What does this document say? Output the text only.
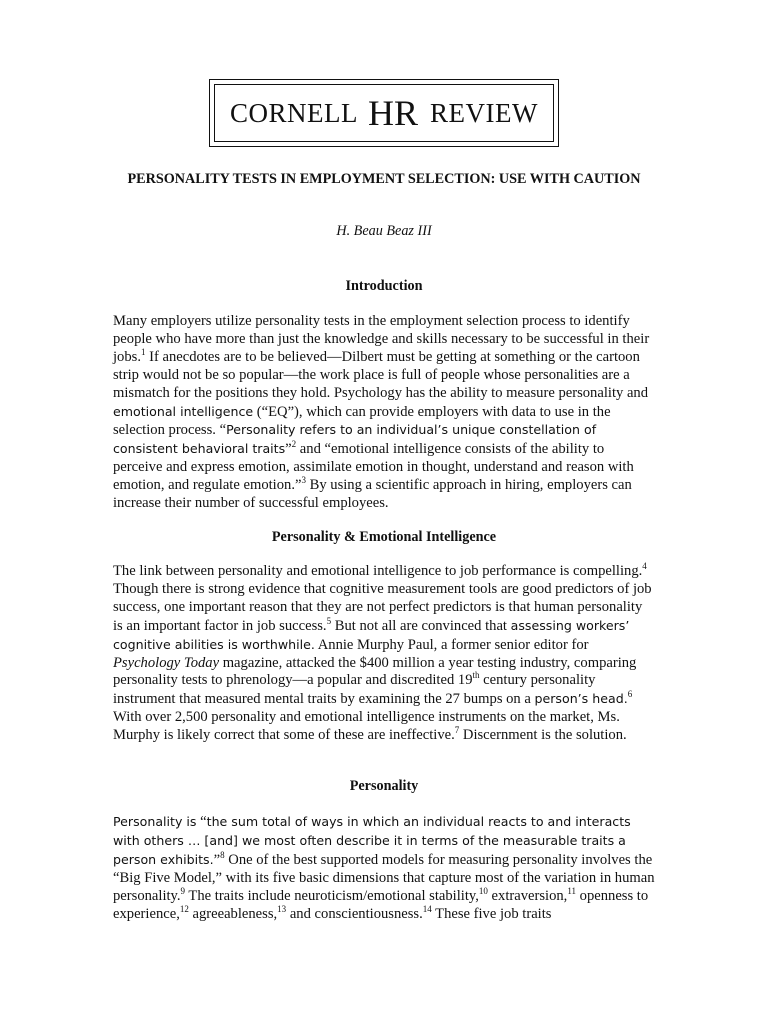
CORNELL HR REVIEW
PERSONALITY TESTS IN EMPLOYMENT SELECTION: USE WITH CAUTION
H. Beau Beaz III
Introduction
Many employers utilize personality tests in the employment selection process to identify people who have more than just the knowledge and skills necessary to be successful in their jobs.$^1$ If anecdotes are to be believed—Dilbert must be getting at something or the cartoon strip would not be so popular—the work place is full of people whose personalities are a mismatch for the positions they hold. Psychology has the ability to measure personality and emotional intelligence (“EQ”), which can provide employers with data to use in the selection process. “Personality refers to an individual’s unique constellation of consistent behavioral traits”$^2$ and “emotional intelligence consists of the ability to perceive and express emotion, assimilate emotion in thought, understand and reason with emotion, and regulate emotion.”$^3$ By using a scientific approach in hiring, employers can increase their number of successful employees.
Personality & Emotional Intelligence
The link between personality and emotional intelligence to job performance is compelling.$^4$ Though there is strong evidence that cognitive measurement tools are good predictors of job success, one important reason that they are not perfect predictors is that human personality is an important factor in job success.$^5$ But not all are convinced that assessing workers’ cognitive abilities is worthwhile. Annie Murphy Paul, a former senior editor for Psychology Today magazine, attacked the $400 million a year testing industry, comparing personality tests to phrenology—a popular and discredited 19th century personality instrument that measured mental traits by examining the 27 bumps on a person’s head.$^6$ With over 2,500 personality and emotional intelligence instruments on the market, Ms. Murphy is likely correct that some of these are ineffective.$^7$ Discernment is the solution.
Personality
Personality is “the sum total of ways in which an individual reacts to and interacts with others … [and] we most often describe it in terms of the measurable traits a person exhibits.”$^8$ One of the best supported models for measuring personality involves the “Big Five Model,” with its five basic dimensions that capture most of the variation in human personality.$^9$ The traits include neuroticism/emotional stability,$^{10}$ extraversion,$^{11}$ openness to experience,$^{12}$ agreeableness,$^{13}$ and conscientiousness.$^{14}$ These five job traits
